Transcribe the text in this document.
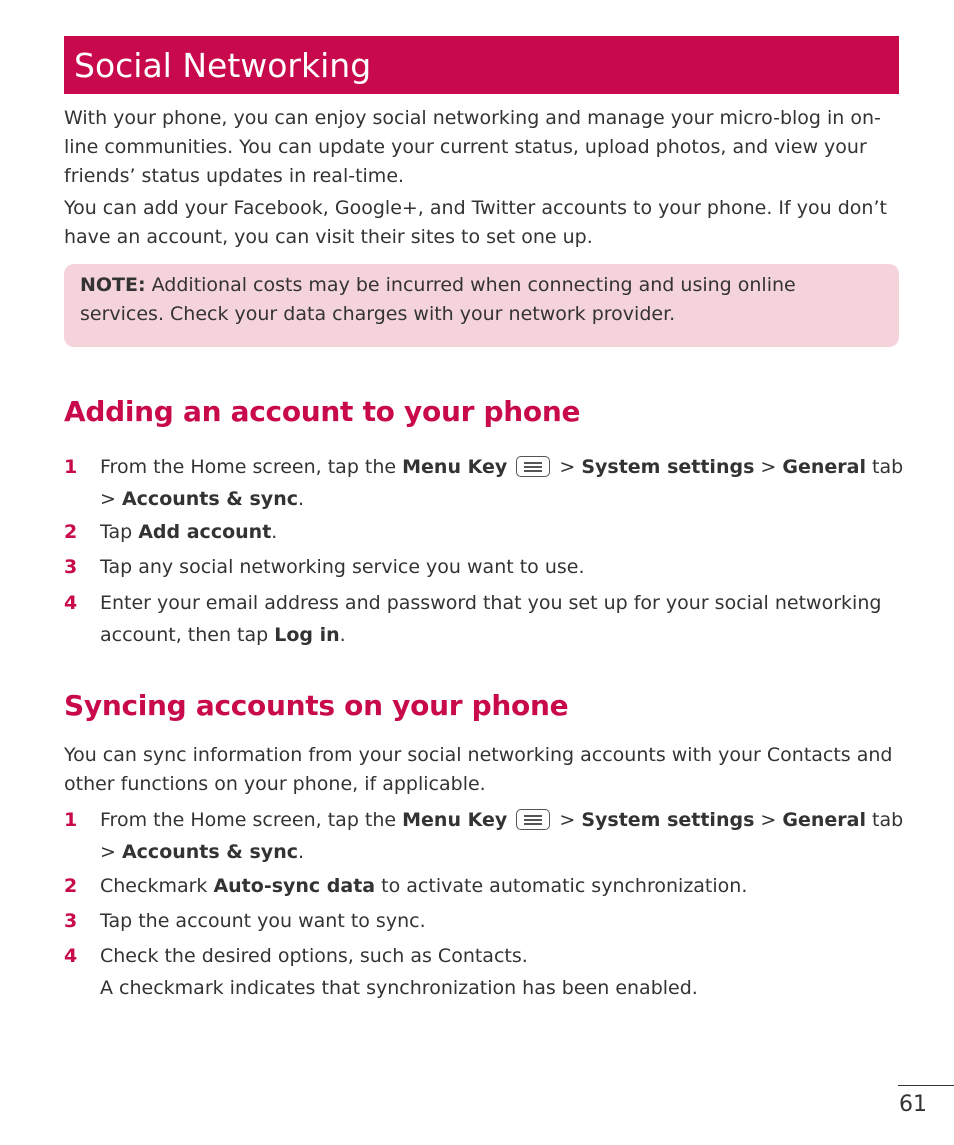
Social Networking

With your phone, you can enjoy social networking and manage your micro-blog in on-line communities. You can update your current status, upload photos, and view your friends’ status updates in real-time.

You can add your Facebook, Google+, and Twitter accounts to your phone. If you don’t have an account, you can visit their sites to set one up.

NOTE: Additional costs may be incurred when connecting and using online services. Check your data charges with your network provider.
Adding an account to your phone
1	From the Home screen, tap the Menu Key
> System settings > General tab > Accounts & sync.
2	Tap Add account.
3	Tap any social networking service you want to use.
4	Enter your email address and password that you set up for your social networking account, then tap Log in.
Syncing accounts on your phone

You can sync information from your social networking accounts with your Contacts and other functions on your phone, if applicable.

1	From the Home screen, tap the Menu Key
> System settings > General tab > Accounts & sync.
2	Checkmark Auto-sync data to activate automatic synchronization.
3	Tap the account you want to sync.
4	Check the desired options, such as Contacts.
A checkmark indicates that synchronization has been enabled.
61
